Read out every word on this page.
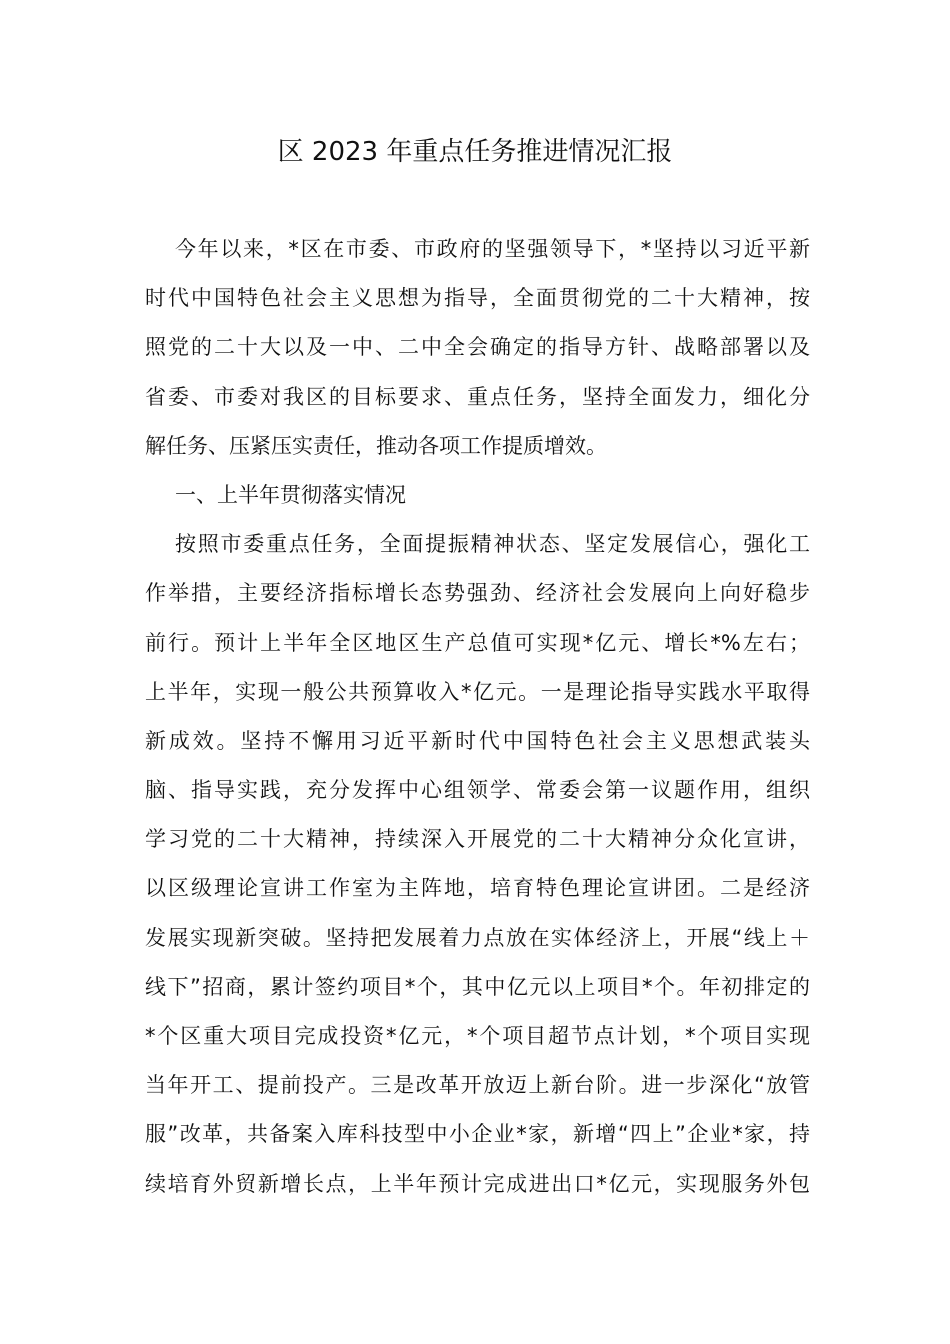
区 2023 年重点任务推进情况汇报
今年以来，*区在市委、市政府的坚强领导下，*坚持以习近平新
时代中国特色社会主义思想为指导，全面贯彻党的二十大精神，按
照党的二十大以及一中、二中全会确定的指导方针、战略部署以及
省委、市委对我区的目标要求、重点任务，坚持全面发力，细化分
解任务、压紧压实责任，推动各项工作提质增效。
一、上半年贯彻落实情况
按照市委重点任务，全面提振精神状态、坚定发展信心，强化工
作举措，主要经济指标增长态势强劲、经济社会发展向上向好稳步
前行。预计上半年全区地区生产总值可实现*亿元、增长*%左右；
上半年，实现一般公共预算收入*亿元。一是理论指导实践水平取得
新成效。坚持不懈用习近平新时代中国特色社会主义思想武装头
脑、指导实践，充分发挥中心组领学、常委会第一议题作用，组织
学习党的二十大精神，持续深入开展党的二十大精神分众化宣讲，
以区级理论宣讲工作室为主阵地，培育特色理论宣讲团。二是经济
发展实现新突破。坚持把发展着力点放在实体经济上，开展“线上＋
线下”招商，累计签约项目*个，其中亿元以上项目*个。年初排定的
*个区重大项目完成投资*亿元，*个项目超节点计划，*个项目实现
当年开工、提前投产。三是改革开放迈上新台阶。进一步深化“放管
服”改革，共备案入库科技型中小企业*家，新增“四上”企业*家，持
续培育外贸新增长点，上半年预计完成进出口*亿元，实现服务外包
